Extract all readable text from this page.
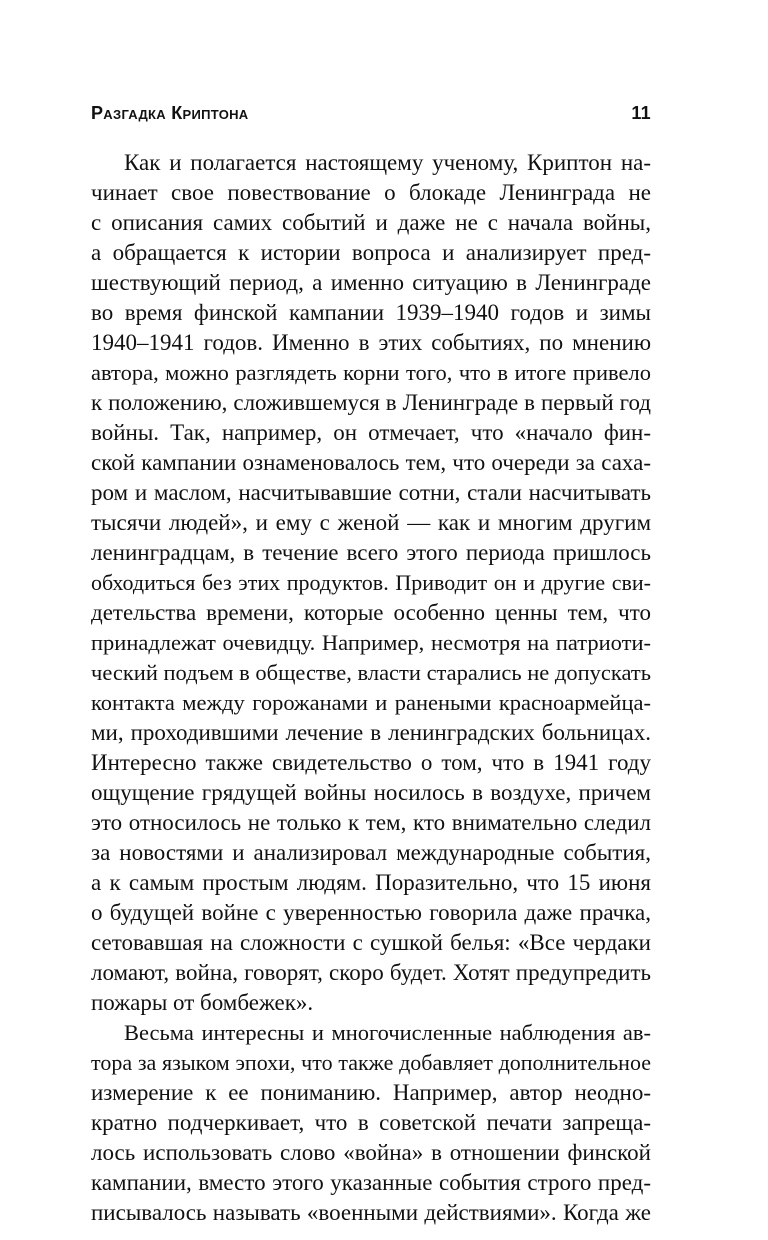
Разгадка Криптона	11
Как и полагается настоящему ученому, Криптон на-
чинает свое повествование о блокаде Ленинграда не
с описания самих событий и даже не с начала войны,
а обращается к истории вопроса и анализирует пред-
шествующий период, а именно ситуацию в Ленинграде
во время финской кампании 1939–1940 годов и зимы
1940–1941 годов. Именно в этих событиях, по мнению
автора, можно разглядеть корни того, что в итоге привело
к положению, сложившемуся в Ленинграде в первый год
войны. Так, например, он отмечает, что «начало фин-
ской кампании ознаменовалось тем, что очереди за саха-
ром и маслом, насчитывавшие сотни, стали насчитывать
тысячи людей», и ему с женой — как и многим другим
ленинградцам, в течение всего этого периода пришлось
обходиться без этих продуктов. Приводит он и другие сви-
детельства времени, которые особенно ценны тем, что
принадлежат очевидцу. Например, несмотря на патриоти-
ческий подъем в обществе, власти старались не допускать
контакта между горожанами и ранеными красноармейца-
ми, проходившими лечение в ленинградских больницах.
Интересно также свидетельство о том, что в 1941 году
ощущение грядущей войны носилось в воздухе, причем
это относилось не только к тем, кто внимательно следил
за новостями и анализировал международные события,
а к самым простым людям. Поразительно, что 15 июня
о будущей войне с уверенностью говорила даже прачка,
сетовавшая на сложности с сушкой белья: «Все чердаки
ломают, война, говорят, скоро будет. Хотят предупредить
пожары от бомбежек».
Весьма интересны и многочисленные наблюдения ав-
тора за языком эпохи, что также добавляет дополнительное
измерение к ее пониманию. Например, автор неодно-
кратно подчеркивает, что в советской печати запреща-
лось использовать слово «война» в отношении финской
кампании, вместо этого указанные события строго пред-
писывалось называть «военными действиями». Когда же
